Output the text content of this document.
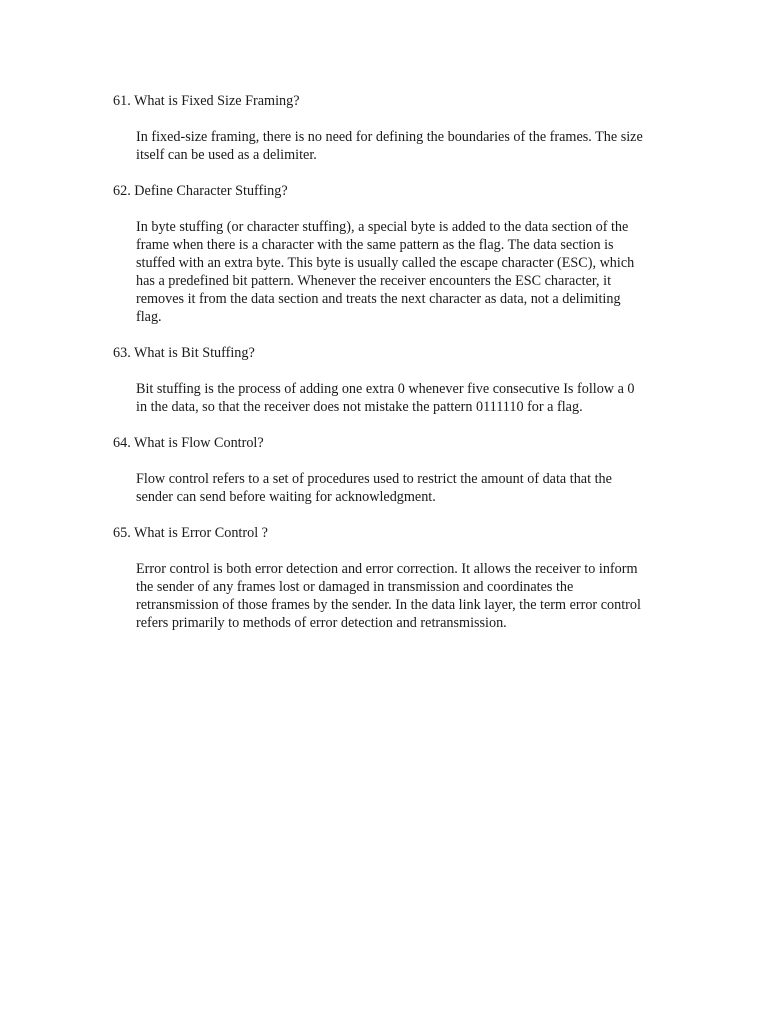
61. What is Fixed Size Framing?

In fixed-size framing, there is no need for defining the boundaries of the frames. The size
itself can be used as a delimiter.

62. Define Character Stuffing?

In byte stuffing (or character stuffing), a special byte is added to the data section of the
frame when there is a character with the same pattern as the flag. The data section is
stuffed with an extra byte. This byte is usually called the escape character (ESC), which
has a predefined bit pattern. Whenever the receiver encounters the ESC character, it
removes it from the data section and treats the next character as data, not a delimiting
flag.

63. What is Bit Stuffing?

Bit stuffing is the process of adding one extra 0 whenever five consecutive Is follow a 0
in the data, so that the receiver does not mistake the pattern 0111110 for a flag.

64. What is Flow Control?

Flow control refers to a set of procedures used to restrict the amount of data that the
sender can send before waiting for acknowledgment.

65. What is Error Control ?

Error control is both error detection and error correction. It allows the receiver to inform
the sender of any frames lost or damaged in transmission and coordinates the
retransmission of those frames by the sender. In the data link layer, the term error control
refers primarily to methods of error detection and retransmission.
